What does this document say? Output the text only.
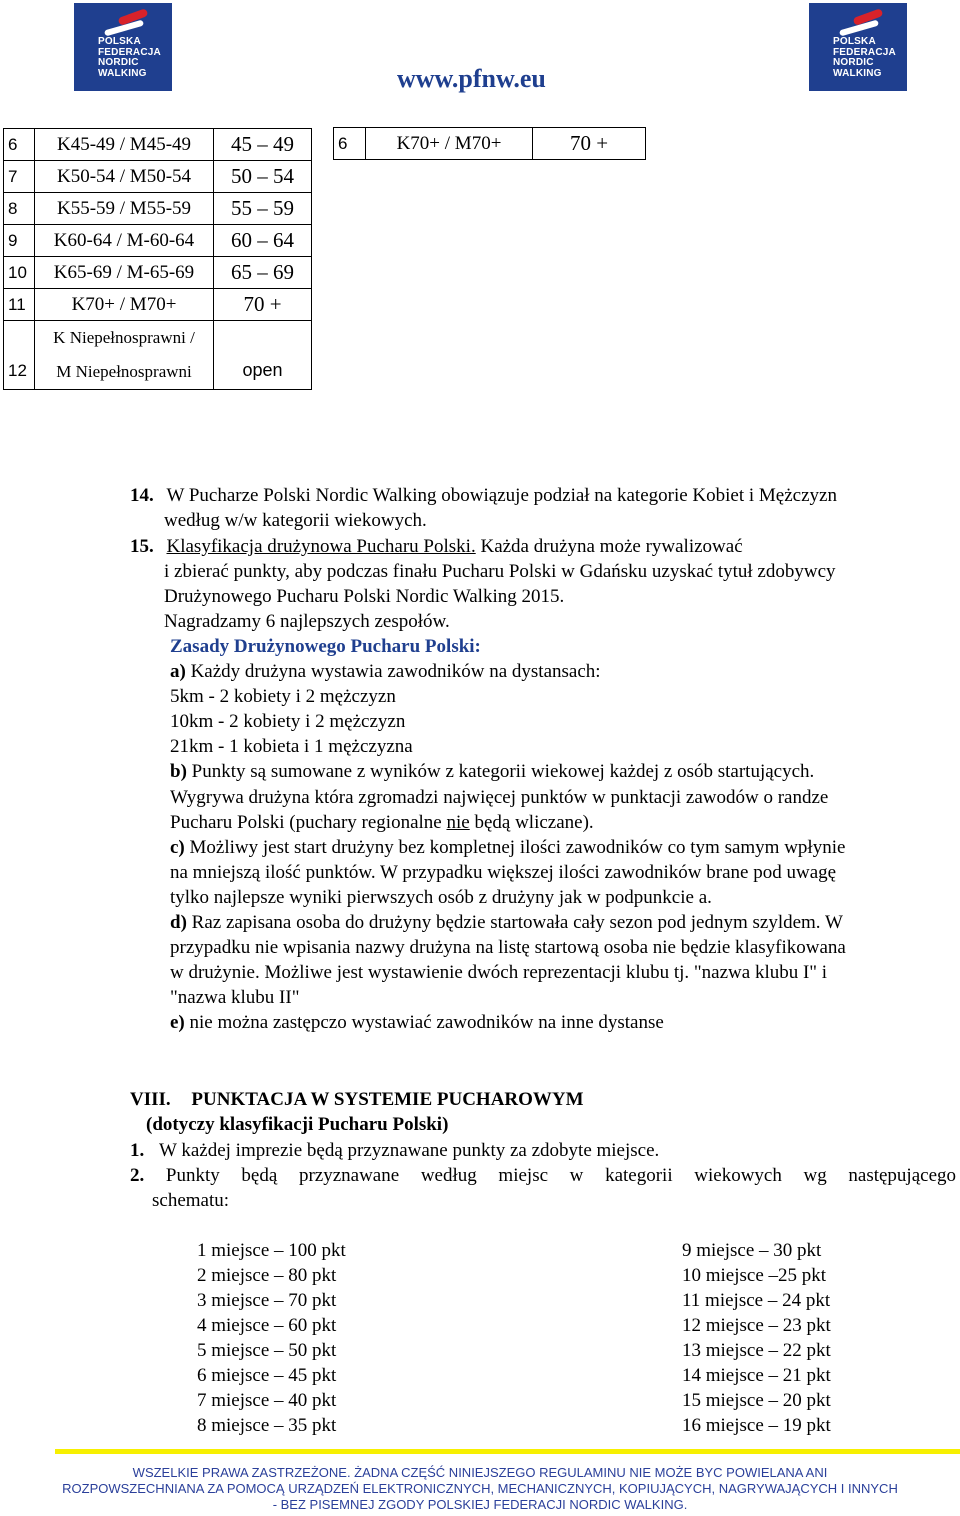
POLSKA
FEDERACJA
NORDIC
WALKING	www.pfnw.eu
POLSKA
FEDERACJA
NORDIC
WALKING
6	K45-49 / M45-49	45 – 49
7	K50-54 / M50-54	50 – 54
8	K55-59 / M55-59	55 – 59
9	K60-64 / M-60-64	60 – 64
10	K65-69 / M-65-69	65 – 69
11	K70+ / M70+	70 +
12	K Niepełnosprawni /
M Niepełnosprawni	open
6	K70+ / M70+	70 +
14. W Pucharze Polski Nordic Walking obowiązuje podział na kategorie Kobiet i Mężczyzn
według w/w kategorii wiekowych.
15. Klasyfikacja drużynowa Pucharu Polski. Każda drużyna może rywalizować
i zbierać punkty, aby podczas finału Pucharu Polski w Gdańsku uzyskać tytuł zdobywcy
Drużynowego Pucharu Polski Nordic Walking 2015.
Nagradzamy 6 najlepszych zespołów.
Zasady Drużynowego Pucharu Polski:
a) Każdy drużyna wystawia zawodników na dystansach:
5km - 2 kobiety i 2 mężczyzn
10km - 2 kobiety i 2 mężczyzn
21km - 1 kobieta i 1 mężczyzna
b) Punkty są sumowane z wyników z kategorii wiekowej każdej z osób startujących.
Wygrywa drużyna która zgromadzi najwięcej punktów w punktacji zawodów o randze
Pucharu Polski (puchary regionalne nie będą wliczane).
c) Możliwy jest start drużyny bez kompletnej ilości zawodników co tym samym wpłynie
na mniejszą ilość punktów. W przypadku większej ilości zawodników brane pod uwagę
tylko najlepsze wyniki pierwszych osób z drużyny jak w podpunkcie a.
d) Raz zapisana osoba do drużyny będzie startowała cały sezon pod jednym szyldem. W
przypadku nie wpisania nazwy drużyna na listę startową osoba nie będzie klasyfikowana
w drużynie. Możliwe jest wystawienie dwóch reprezentacji klubu tj. "nazwa klubu I" i
"nazwa klubu II"
e) nie można zastępczo wystawiać zawodników na inne dystanse
VIII. PUNKTACJA W SYSTEMIE PUCHAROWYM
(dotyczy klasyfikacji Pucharu Polski)
1. W każdej imprezie będą przyznawane punkty za zdobyte miejsce.
2. Punkty będą przyznawane według miejsc w kategorii wiekowych wg następującego
schematu:
1 miejsce – 100 pkt
2 miejsce – 80 pkt
3 miejsce – 70 pkt
4 miejsce – 60 pkt
5 miejsce – 50 pkt
6 miejsce – 45 pkt
7 miejsce – 40 pkt
8 miejsce – 35 pkt
9 miejsce – 30 pkt
10 miejsce –25 pkt
11 miejsce – 24 pkt
12 miejsce – 23 pkt
13 miejsce – 22 pkt
14 miejsce – 21 pkt
15 miejsce – 20 pkt
16 miejsce – 19 pkt
WSZELKIE PRAWA ZASTRZEŻONE. ŻADNA CZĘŚĆ NINIEJSZEGO REGULAMINU NIE MOŻE BYC POWIELANA ANI
ROZPOWSZECHNIANA ZA POMOCĄ URZĄDZEŃ ELEKTRONICZNYCH, MECHANICZNYCH, KOPIUJĄCYCH, NAGRYWAJĄCYCH I INNYCH
- BEZ PISEMNEJ ZGODY POLSKIEJ FEDERACJI NORDIC WALKING.
